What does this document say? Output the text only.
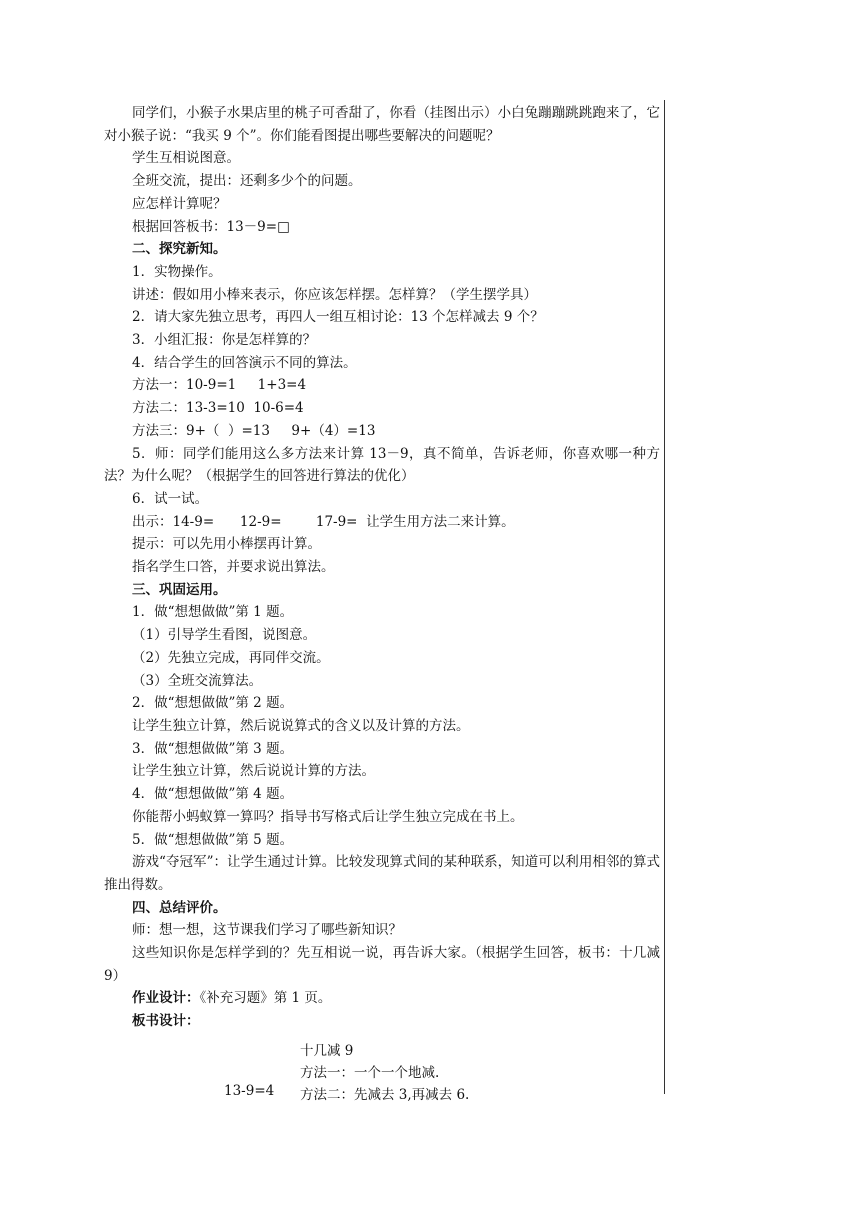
同学们，小猴子水果店里的桃子可香甜了，你看（挂图出示）小白兔蹦蹦跳跳跑来了，它对小猴子说：“我买 9 个”。你们能看图提出哪些要解决的问题呢？

学生互相说图意。

全班交流，提出：还剩多少个的问题。

应怎样计算呢？

根据回答板书：13－9=□

二、探究新知。

1．实物操作。

讲述：假如用小棒来表示，你应该怎样摆。怎样算？（学生摆学具）

2．请大家先独立思考，再四人一组互相讨论：13 个怎样减去 9 个？

3．小组汇报：你是怎样算的？

4．结合学生的回答演示不同的算法。

方法一：10-9=1     1+3=4

方法二：13-3=10  10-6=4

方法三：9+（  ）=13     9+（4）=13

5．师：同学们能用这么多方法来计算 13－9，真不简单，告诉老师，你喜欢哪一种方法？为什么呢？（根据学生的回答进行算法的优化）

6．试一试。

出示：14-9=      12-9=        17-9=  让学生用方法二来计算。

提示：可以先用小棒摆再计算。

指名学生口答，并要求说出算法。

三、巩固运用。

1．做“想想做做”第 1 题。

（1）引导学生看图，说图意。

（2）先独立完成，再同伴交流。

（3）全班交流算法。

2．做“想想做做”第 2 题。

让学生独立计算，然后说说算式的含义以及计算的方法。

3．做“想想做做”第 3 题。

让学生独立计算，然后说说计算的方法。

4．做“想想做做”第 4 题。

你能帮小蚂蚁算一算吗？指导书写格式后让学生独立完成在书上。

5．做“想想做做”第 5 题。

游戏“夺冠军”：让学生通过计算。比较发现算式间的某种联系，知道可以利用相邻的算式推出得数。

四、总结评价。

师：想一想，这节课我们学习了哪些新知识？

这些知识你是怎样学到的？先互相说一说，再告诉大家。（根据学生回答，板书：十几减 9）

作业设计：《补充习题》第 1 页。

板书设计：

十几减 9
方法一：一个一个地减.
13-9=4 方法二：先减去 3,再减去 6.
